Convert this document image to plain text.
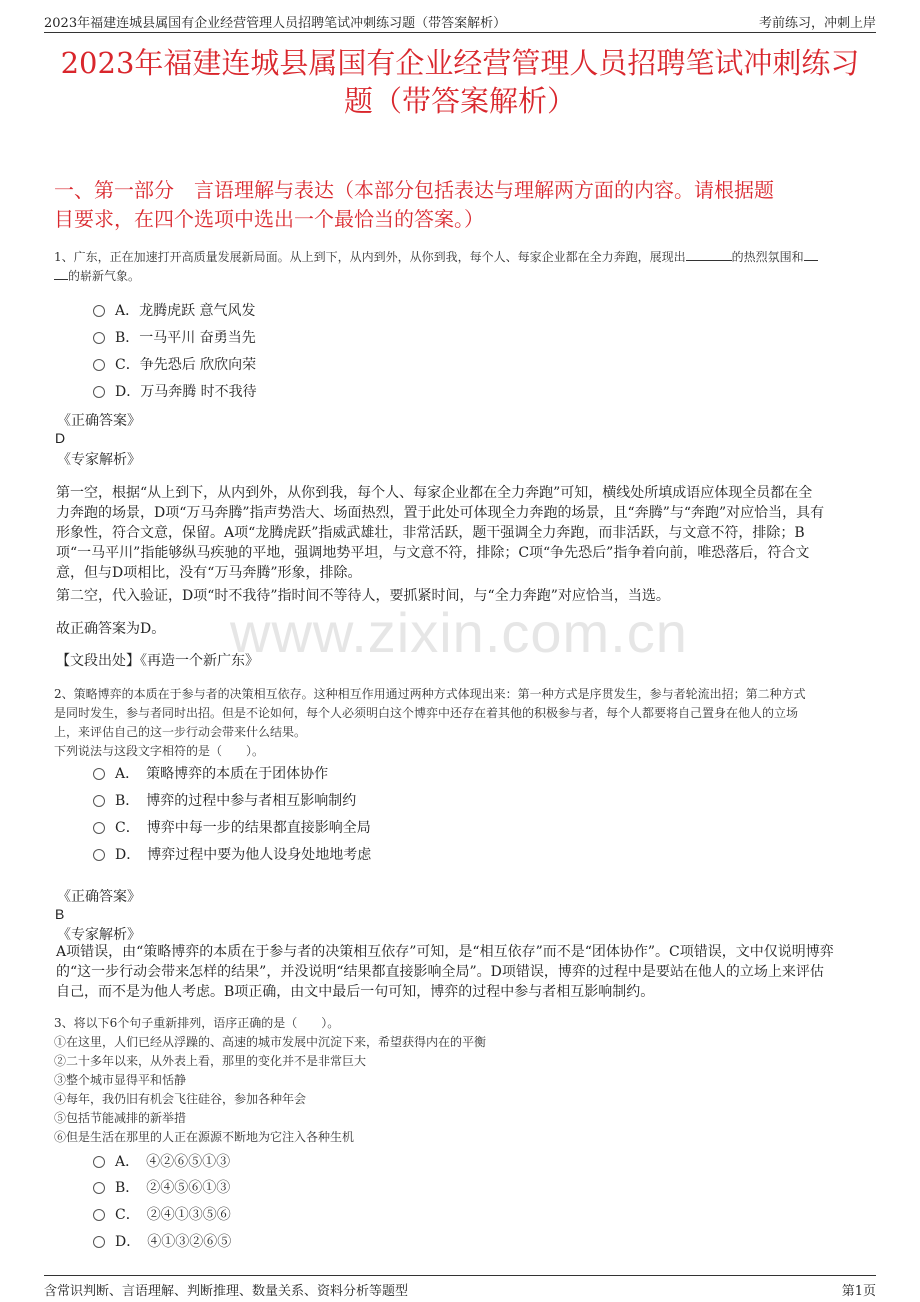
2023年福建连城县属国有企业经营管理人员招聘笔试冲刺练习题（带答案解析）	考前练习，冲刺上岸
2023年福建连城县属国有企业经营管理人员招聘笔试冲刺练习
题（带答案解析）
一、第一部分　言语理解与表达（本部分包括表达与理解两方面的内容。请根据题
目要求，在四个选项中选出一个最恰当的答案。）
www.zixin.com.cn
1、广东，正在加速打开高质量发展新局面。从上到下，从内到外，从你到我，每个人、每家企业都在全力奔跑，展现出	的热烈氛围和
的崭新气象。
A．龙腾虎跃 意气风发
B．一马平川 奋勇当先
C．争先恐后 欣欣向荣
D．万马奔腾 时不我待
《正确答案》
D
《专家解析》
第一空，根据“从上到下，从内到外，从你到我，每个人、每家企业都在全力奔跑”可知，横线处所填成语应体现全员都在全
力奔跑的场景，D项“万马奔腾”指声势浩大、场面热烈，置于此处可体现全力奔跑的场景，且“奔腾”与“奔跑”对应恰当，具有
形象性，符合文意，保留。A项“龙腾虎跃”指威武雄壮，非常活跃，题干强调全力奔跑，而非活跃，与文意不符，排除；B
项“一马平川”指能够纵马疾驰的平地，强调地势平坦，与文意不符，排除；C项“争先恐后”指争着向前，唯恐落后，符合文
意，但与D项相比，没有“万马奔腾”形象，排除。
第二空，代入验证，D项“时不我待”指时间不等待人，要抓紧时间，与“全力奔跑”对应恰当，当选。
故正确答案为D。
【文段出处】《再造一个新广东》
2、策略博弈的本质在于参与者的决策相互依存。这种相互作用通过两种方式体现出来：第一种方式是序贯发生，参与者轮流出招；第二种方式
是同时发生，参与者同时出招。但是不论如何，每个人必须明白这个博弈中还存在着其他的积极参与者，每个人都要将自己置身在他人的立场
上，来评估自己的这一步行动会带来什么结果。
下列说法与这段文字相符的是（　　）。
A．　策略博弈的本质在于团体协作
B．　博弈的过程中参与者相互影响制约
C．　博弈中每一步的结果都直接影响全局
D．　博弈过程中要为他人设身处地地考虑
《正确答案》
B
《专家解析》
A项错误，由“策略博弈的本质在于参与者的决策相互依存”可知，是“相互依存”而不是“团体协作”。C项错误，文中仅说明博弈
的“这一步行动会带来怎样的结果”，并没说明“结果都直接影响全局”。D项错误，博弈的过程中是要站在他人的立场上来评估
自己，而不是为他人考虑。B项正确，由文中最后一句可知，博弈的过程中参与者相互影响制约。
3、将以下6个句子重新排列，语序正确的是（　　）。
①在这里，人们已经从浮躁的、高速的城市发展中沉淀下来，希望获得内在的平衡
②二十多年以来，从外表上看，那里的变化并不是非常巨大
③整个城市显得平和恬静
④每年，我仍旧有机会飞往硅谷，参加各种年会
⑤包括节能减排的新举措
⑥但是生活在那里的人正在源源不断地为它注入各种生机
A．　④②⑥⑤①③
B．　②④⑤⑥①③
C．　②④①③⑤⑥
D．　④①③②⑥⑤
含常识判断、言语理解、判断推理、数量关系、资料分析等题型	第1页
